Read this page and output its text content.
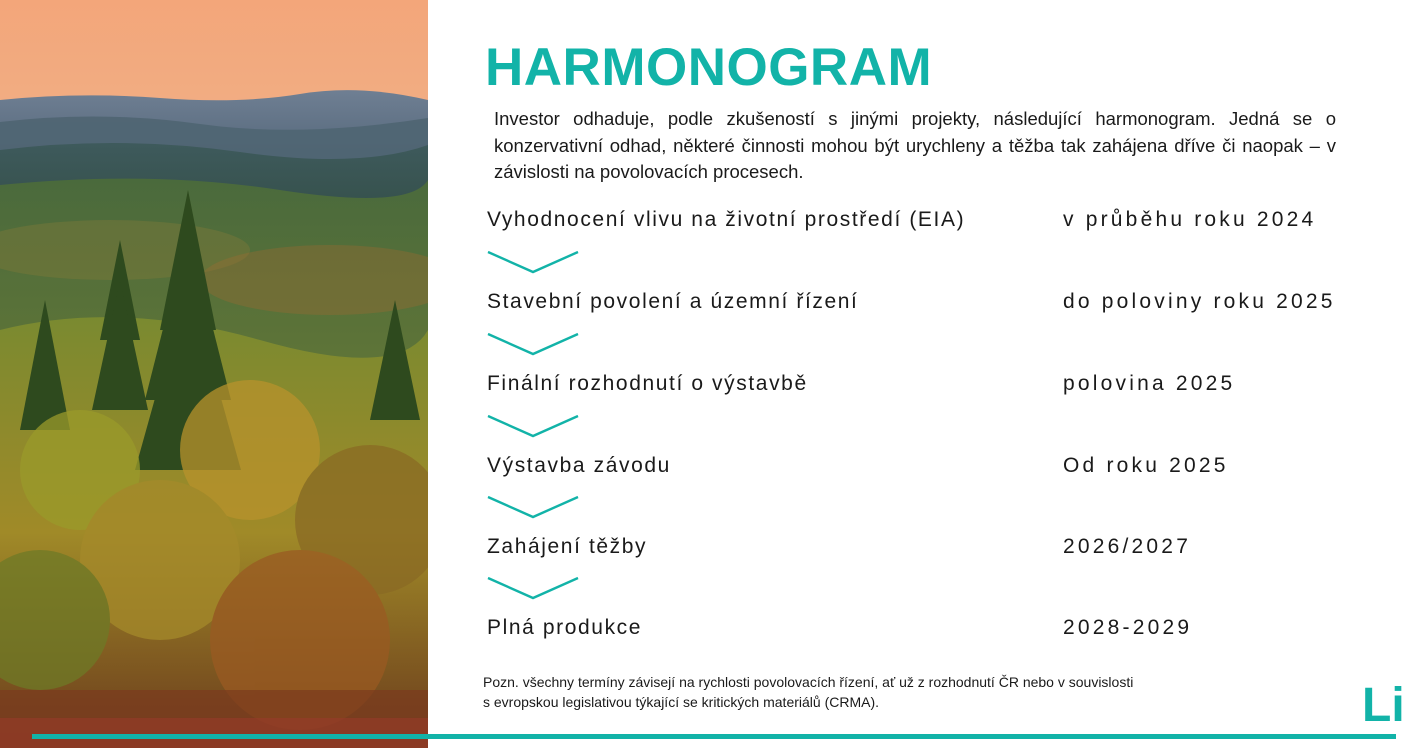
HARMONOGRAM

Investor odhaduje, podle zkušeností s jinými projekty, následující harmonogram. Jedná se o konzervativní odhad, některé činnosti mohou být urychleny a těžba tak zahájena dříve či naopak – v závislosti na povolovacích procesech.

Vyhodnocení vlivu na životní prostředí (EIA)	v průběhu roku 2024
Stavební povolení a územní řízení	do poloviny roku 2025
Finální rozhodnutí o výstavbě	polovina 2025
Výstavba závodu	Od roku 2025
Zahájení těžby	2026/2027
Plná produkce	2028-2029

Pozn. všechny termíny závisejí na rychlosti povolovacích řízení, ať už z rozhodnutí ČR nebo v souvislosti
s evropskou legislativou týkající se kritických materiálů (CRMA).	Li
